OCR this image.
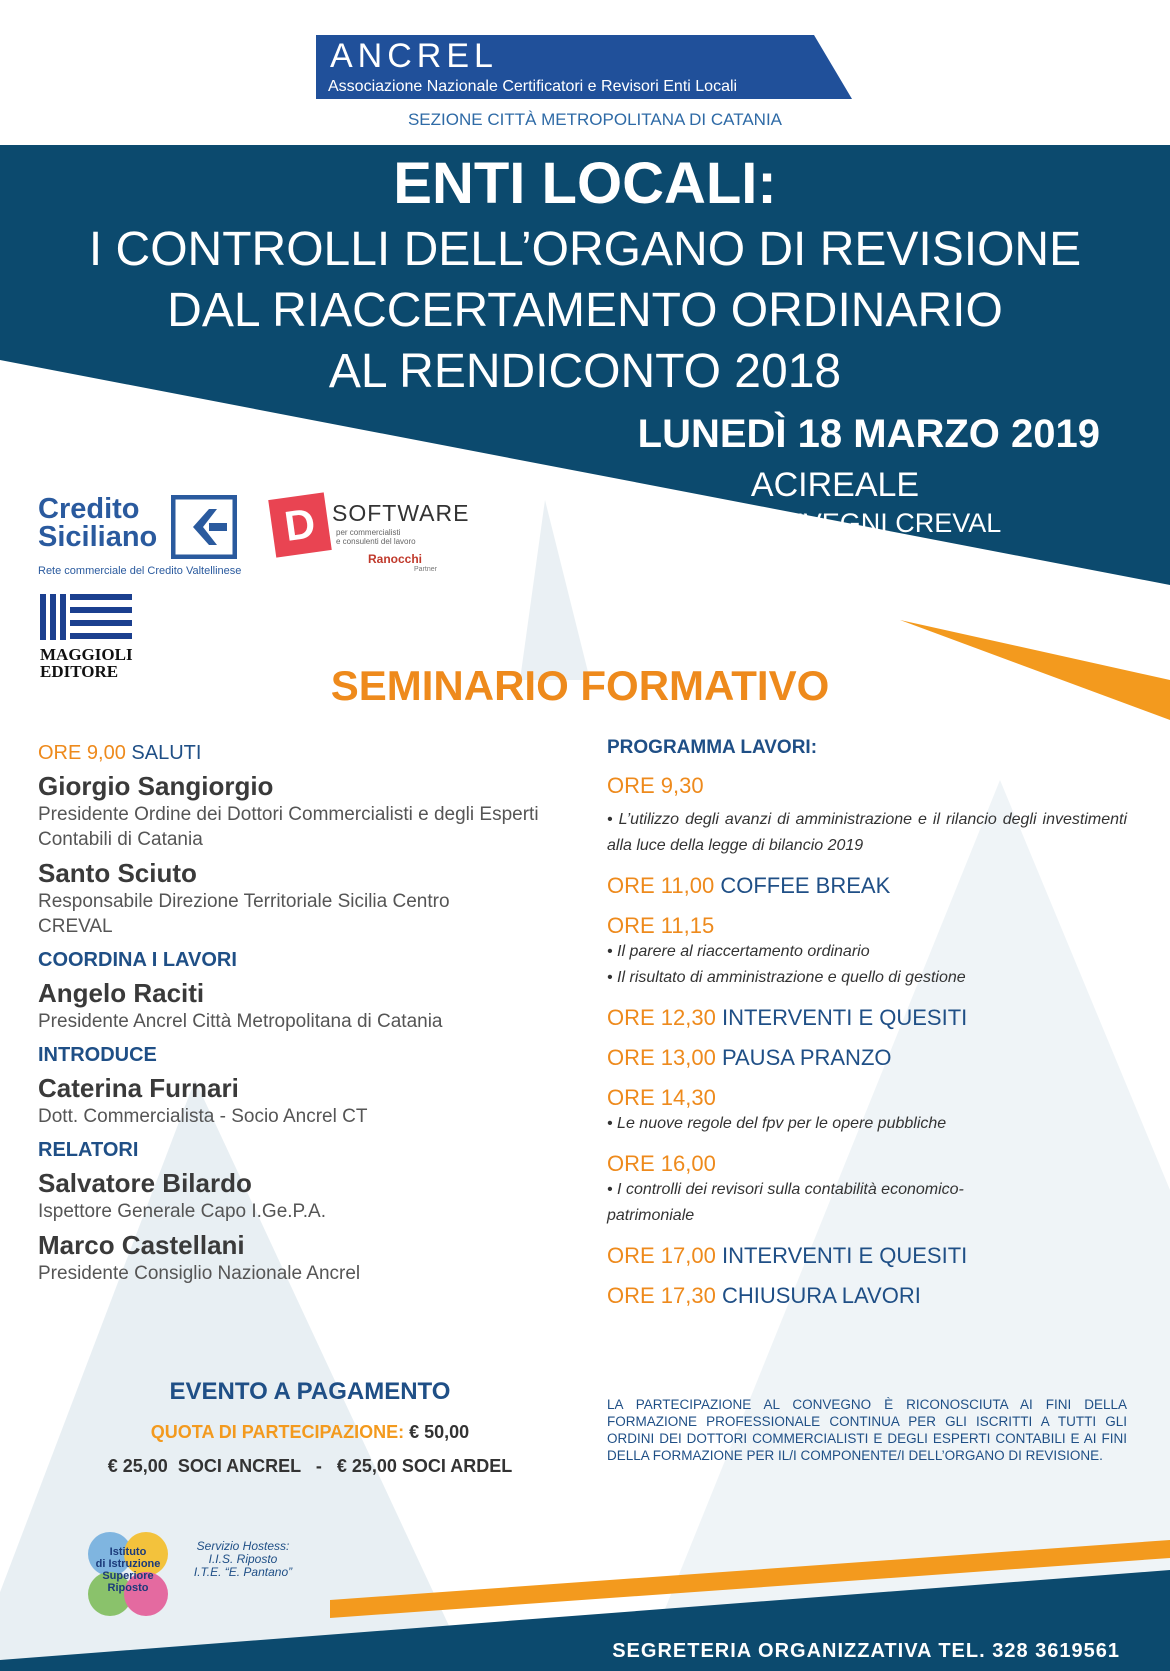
ANCREL
Associazione Nazionale Certificatori e Revisori Enti Locali
SEZIONE CITTÀ METROPOLITANA DI CATANIA
ENTI LOCALI:
I CONTROLLI DELL’ORGANO DI REVISIONE
DAL RIACCERTAMENTO ORDINARIO
AL RENDICONTO 2018
LUNEDÌ 18 MARZO 2019
ACIREALE
SALA CONVEGNI CREVAL
VIA SCLAFANI, 40
Credito
Siciliano
Rete commerciale del Credito Valtellinese
D SOFTWARE
per commercialisti
e consulenti del lavoro
Ranocchi
Partner
MAGGIOLI
EDITORE	SEMINARIO FORMATIVO
ORE 9,00 SALUTI
Giorgio Sangiorgio
Presidente Ordine dei Dottori Commercialisti e degli Esperti Contabili di Catania
Santo Sciuto
Responsabile Direzione Territoriale Sicilia Centro CREVAL
COORDINA I LAVORI
Angelo Raciti
Presidente Ancrel Città Metropolitana di Catania
INTRODUCE
Caterina Furnari
Dott. Commercialista - Socio Ancrel CT
RELATORI
Salvatore Bilardo
Ispettore Generale Capo I.Ge.P.A.
Marco Castellani
Presidente Consiglio Nazionale Ancrel
PROGRAMMA LAVORI:
ORE 9,30
• L’utilizzo degli avanzi di amministrazione e il rilancio degli investimenti alla luce della legge di bilancio 2019
ORE 11,00 COFFEE BREAK
ORE 11,15
• Il parere al riaccertamento ordinario
• Il risultato di amministrazione e quello di gestione
ORE 12,30 INTERVENTI E QUESITI
ORE 13,00 PAUSA PRANZO
ORE 14,30
• Le nuove regole del fpv per le opere pubbliche
ORE 16,00
• I controlli dei revisori sulla contabilità economico-patrimoniale
ORE 17,00 INTERVENTI E QUESITI
ORE 17,30 CHIUSURA LAVORI
EVENTO A PAGAMENTO
QUOTA DI PARTECIPAZIONE: € 50,00
€ 25,00  SOCI ANCREL   -   € 25,00 SOCI ARDEL
LA PARTECIPAZIONE AL CONVEGNO È RICONOSCIUTA AI FINI DELLA FORMAZIONE PROFESSIONALE CONTINUA PER GLI ISCRITTI A TUTTI GLI ORDINI DEI DOTTORI COMMERCIALISTI E DEGLI ESPERTI CONTABILI E AI FINI DELLA FORMAZIONE PER IL/I COMPONENTE/I DELL’ORGANO DI REVISIONE.
Istituto
di Istruzione
Superiore
Riposto
Servizio Hostess:
I.I.S. Riposto
I.T.E. “E. Pantano”
SEGRETERIA ORGANIZZATIVA TEL. 328 3619561
